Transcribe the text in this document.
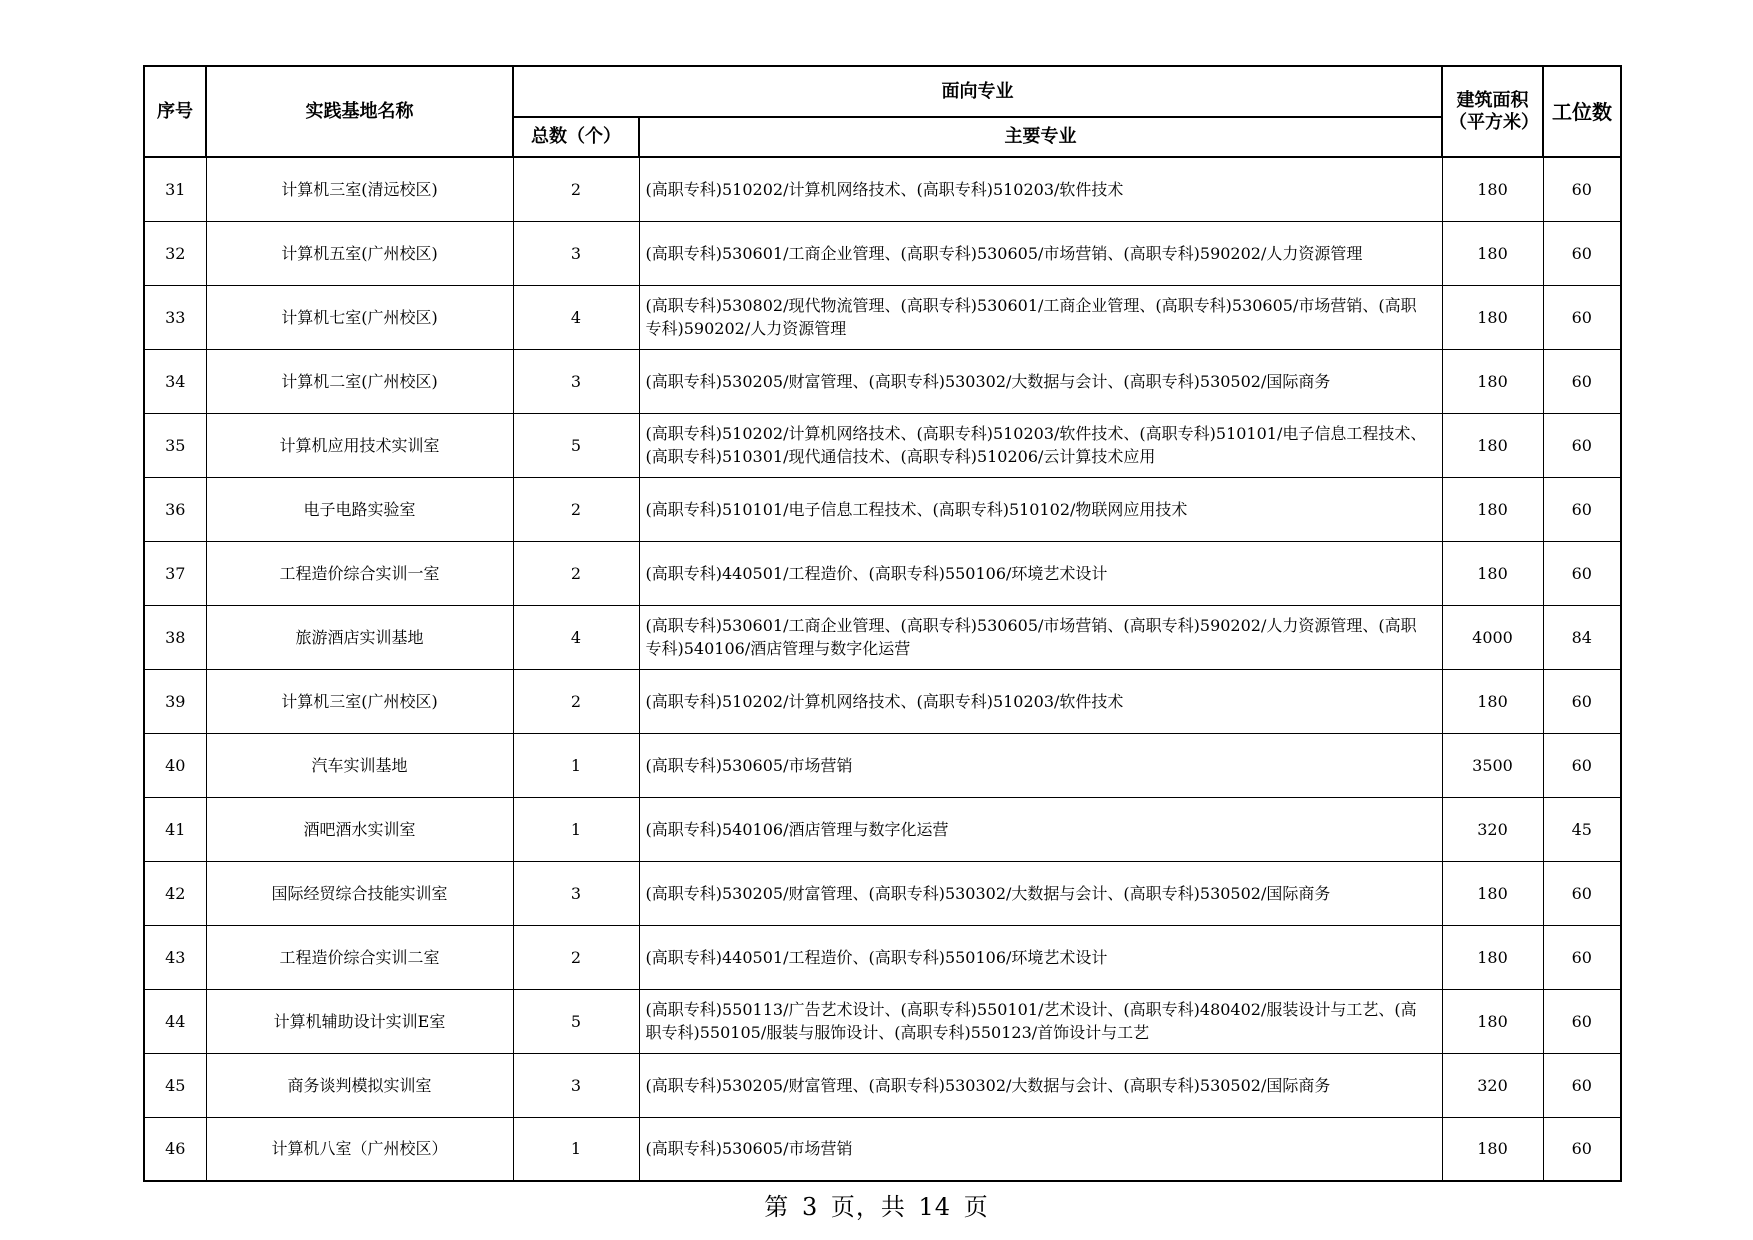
序号	实践基地名称	面向专业		建筑面积（平方米）	工位数
		总数（个）	主要专业		
31	计算机三室(清远校区)	2	(高职专科)510202/计算机网络技术、(高职专科)510203/软件技术	180	60
32	计算机五室(广州校区)	3	(高职专科)530601/工商企业管理、(高职专科)530605/市场营销、(高职专科)590202/人力资源管理	180	60
33	计算机七室(广州校区)	4	(高职专科)530802/现代物流管理、(高职专科)530601/工商企业管理、(高职专科)530605/市场营销、(高职专科)590202/人力资源管理	180	60
34	计算机二室(广州校区)	3	(高职专科)530205/财富管理、(高职专科)530302/大数据与会计、(高职专科)530502/国际商务	180	60
35	计算机应用技术实训室	5	(高职专科)510202/计算机网络技术、(高职专科)510203/软件技术、(高职专科)510101/电子信息工程技术、(高职专科)510301/现代通信技术、(高职专科)510206/云计算技术应用	180	60
36	电子电路实验室	2	(高职专科)510101/电子信息工程技术、(高职专科)510102/物联网应用技术	180	60
37	工程造价综合实训一室	2	(高职专科)440501/工程造价、(高职专科)550106/环境艺术设计	180	60
38	旅游酒店实训基地	4	(高职专科)530601/工商企业管理、(高职专科)530605/市场营销、(高职专科)590202/人力资源管理、(高职专科)540106/酒店管理与数字化运营	4000	84
39	计算机三室(广州校区)	2	(高职专科)510202/计算机网络技术、(高职专科)510203/软件技术	180	60
40	汽车实训基地	1	(高职专科)530605/市场营销	3500	60
41	酒吧酒水实训室	1	(高职专科)540106/酒店管理与数字化运营	320	45
42	国际经贸综合技能实训室	3	(高职专科)530205/财富管理、(高职专科)530302/大数据与会计、(高职专科)530502/国际商务	180	60
43	工程造价综合实训二室	2	(高职专科)440501/工程造价、(高职专科)550106/环境艺术设计	180	60
44	计算机辅助设计实训E室	5	(高职专科)550113/广告艺术设计、(高职专科)550101/艺术设计、(高职专科)480402/服装设计与工艺、(高职专科)550105/服装与服饰设计、(高职专科)550123/首饰设计与工艺	180	60
45	商务谈判模拟实训室	3	(高职专科)530205/财富管理、(高职专科)530302/大数据与会计、(高职专科)530502/国际商务	320	60
46	计算机八室（广州校区）	1	(高职专科)530605/市场营销	180	60
第 3 页，共 14 页
